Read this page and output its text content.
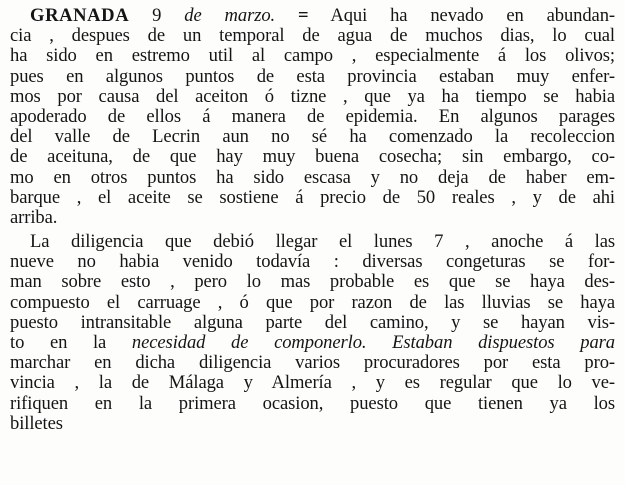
GRANADA 9 de marzo. = Aqui ha nevado en abundan-
cia , despues de un temporal de agua de muchos dias, lo cual
ha sido en estremo util al campo , especialmente á los olivos;
pues en algunos puntos de esta provincia estaban muy enfer-
mos por causa del aceiton ó tizne , que ya ha tiempo se habia
apoderado de ellos á manera de epidemia. En algunos parages
del valle de Lecrin aun no sé ha comenzado la recoleccion
de aceituna, de que hay muy buena cosecha; sin embargo, co-
mo en otros puntos ha sido escasa y no deja de haber em-
barque , el aceite se sostiene á precio de 50 reales , y de ahi
arriba.
La diligencia que debió llegar el lunes 7 , anoche á las
nueve no habia venido todavía : diversas congeturas se for-
man sobre esto , pero lo mas probable es que se haya des-
compuesto el carruage , ó que por razon de las lluvias se haya
puesto intransitable alguna parte del camino, y se hayan vis-
to en la necesidad de componerlo. Estaban dispuestos para
marchar en dicha diligencia varios procuradores por esta pro-
vincia , la de Málaga y Almería , y es regular que lo ve-
rifiquen en la primera ocasion, puesto que tienen ya los
billetes
